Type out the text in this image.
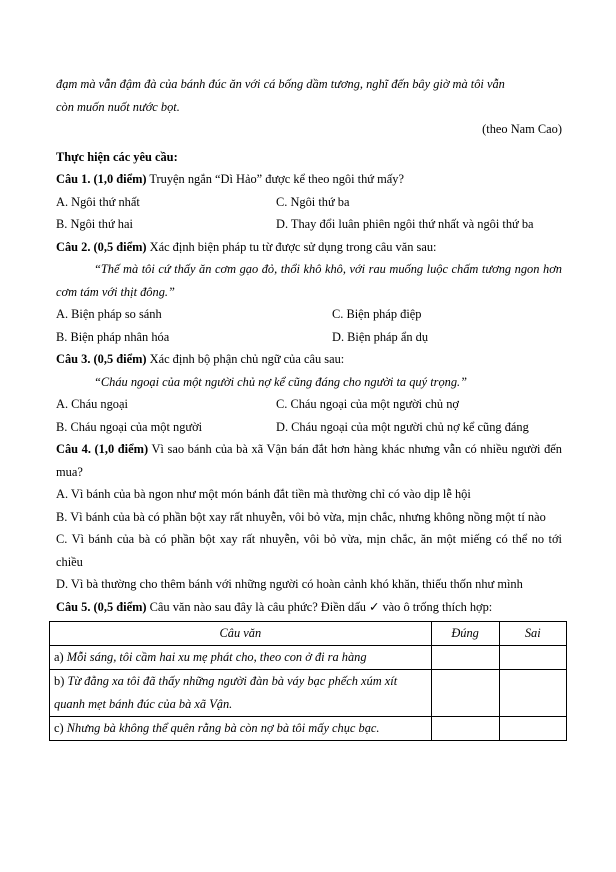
đạm mà vẫn đậm đà của bánh đúc ăn với cá bống dầm tương, nghĩ đến bây giờ mà tôi vẫn

còn muốn nuốt nước bọt.

(theo Nam Cao)

Thực hiện các yêu cầu:

Câu 1. (1,0 điểm) Truyện ngắn “Dì Hảo” được kể theo ngôi thứ mấy?

A. Ngôi thứ nhất	C. Ngôi thứ ba
B. Ngôi thứ hai	D. Thay đổi luân phiên ngôi thứ nhất và ngôi thứ ba

Câu 2. (0,5 điểm) Xác định biện pháp tu từ được sử dụng trong câu văn sau:

“Thế mà tôi cứ thấy ăn cơm gạo đỏ, thổi khô khô, với rau muống luộc chấm tương ngon hơn cơm tám với thịt đông.”

A. Biện pháp so sánh	C. Biện pháp điệp
B. Biện pháp nhân hóa	D. Biện pháp ẩn dụ

Câu 3. (0,5 điểm) Xác định bộ phận chủ ngữ của câu sau:

“Cháu ngoại của một người chủ nợ kể cũng đáng cho người ta quý trọng.”

A. Cháu ngoại	C. Cháu ngoại của một người chủ nợ
B. Cháu ngoại của một người	D. Cháu ngoại của một người chủ nợ kể cũng đáng

Câu 4. (1,0 điểm) Vì sao bánh của bà xã Vận bán đắt hơn hàng khác nhưng vẫn có nhiều người đến mua?

A. Vì bánh của bà ngon như một món bánh đắt tiền mà thường chỉ có vào dịp lễ hội

B. Vì bánh của bà có phần bột xay rất nhuyễn, vôi bỏ vừa, mịn chắc, nhưng không nồng một tí nào

C. Vì bánh của bà có phần bột xay rất nhuyễn, vôi bỏ vừa, mịn chắc, ăn một miếng có thể no tới chiều

D. Vì bà thường cho thêm bánh với những người có hoàn cảnh khó khăn, thiếu thốn như mình

Câu 5. (0,5 điểm) Câu văn nào sau đây là câu phức? Điền dấu ✓ vào ô trống thích hợp:

Câu văn	Đúng	Sai
a) Mỗi sáng, tôi cầm hai xu mẹ phát cho, theo con ở đi ra hàng		
b) Từ đằng xa tôi đã thấy những người đàn bà váy bạc phếch xúm xít quanh mẹt bánh đúc của bà xã Vận.		
c) Nhưng bà không thể quên rằng bà còn nợ bà tôi mấy chục bạc.		
